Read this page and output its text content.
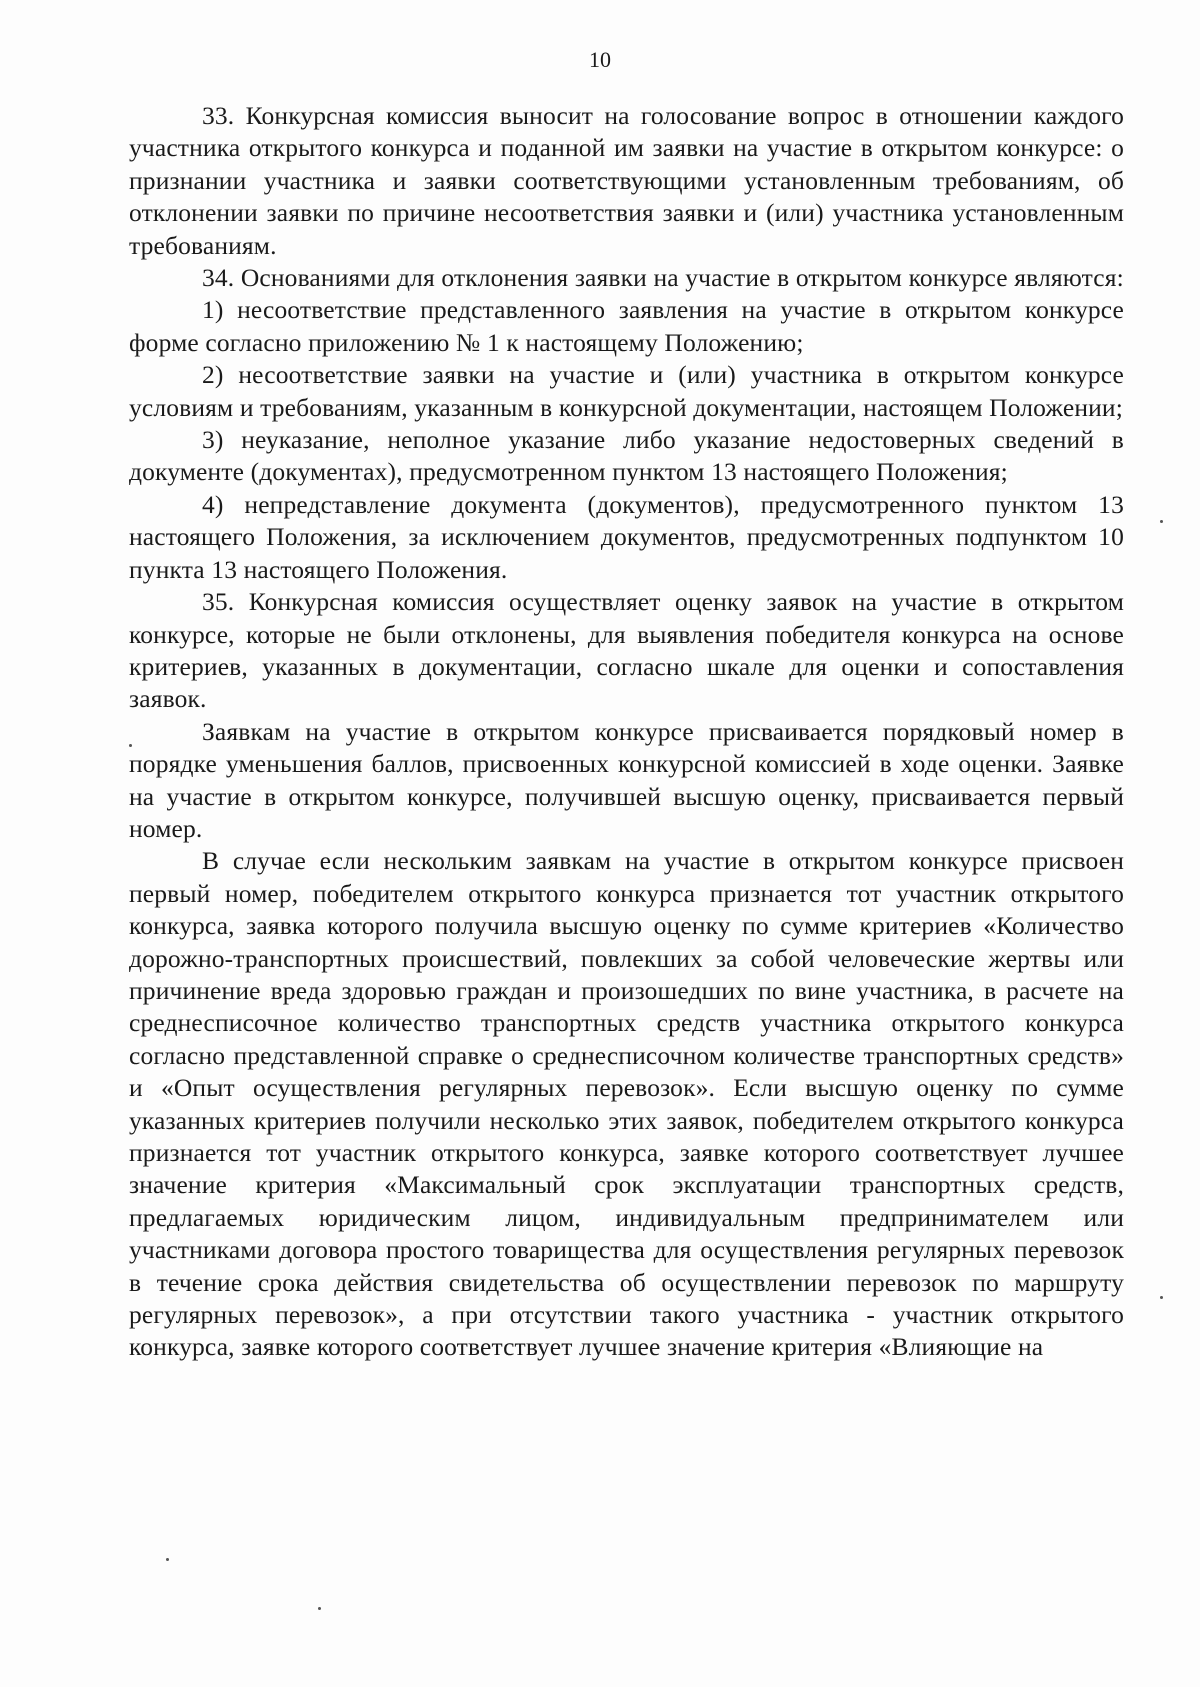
10

33. Конкурсная комиссия выносит на голосование вопрос в отношении каждого участника открытого конкурса и поданной им заявки на участие в открытом конкурсе: о признании участника и заявки соответствующими установленным требованиям, об отклонении заявки по причине несоответствия заявки и (или) участника установленным требованиям.

34. Основаниями для отклонения заявки на участие в открытом конкурсе являются:

1) несоответствие представленного заявления на участие в открытом конкурсе форме согласно приложению № 1 к настоящему Положению;

2) несоответствие заявки на участие и (или) участника в открытом конкурсе условиям и требованиям, указанным в конкурсной документации, настоящем Положении;

3) неуказание, неполное указание либо указание недостоверных сведений в документе (документах), предусмотренном пунктом 13 настоящего Положения;

4) непредставление документа (документов), предусмотренного пунктом 13 настоящего Положения, за исключением документов, предусмотренных подпунктом 10 пункта 13 настоящего Положения.

35. Конкурсная комиссия осуществляет оценку заявок на участие в открытом конкурсе, которые не были отклонены, для выявления победителя конкурса на основе критериев, указанных в документации, согласно шкале для оценки и сопоставления заявок.

Заявкам на участие в открытом конкурсе присваивается порядковый номер в порядке уменьшения баллов, присвоенных конкурсной комиссией в ходе оценки. Заявке на участие в открытом конкурсе, получившей высшую оценку, присваивается первый номер.

В случае если нескольким заявкам на участие в открытом конкурсе присвоен первый номер, победителем открытого конкурса признается тот участник открытого конкурса, заявка которого получила высшую оценку по сумме критериев «Количество дорожно-транспортных происшествий, повлекших за собой человеческие жертвы или причинение вреда здоровью граждан и произошедших по вине участника, в расчете на среднесписочное количество транспортных средств участника открытого конкурса согласно представленной справке о среднесписочном количестве транспортных средств» и «Опыт осуществления регулярных перевозок». Если высшую оценку по сумме указанных критериев получили несколько этих заявок, победителем открытого конкурса признается тот участник открытого конкурса, заявке которого соответствует лучшее значение критерия «Максимальный срок эксплуатации транспортных средств, предлагаемых юридическим лицом, индивидуальным предпринимателем или участниками договора простого товарищества для осуществления регулярных перевозок в течение срока действия свидетельства об осуществлении перевозок по маршруту регулярных перевозок», а при отсутствии такого участника - участник открытого конкурса, заявке которого соответствует лучшее значение критерия «Влияющие на
